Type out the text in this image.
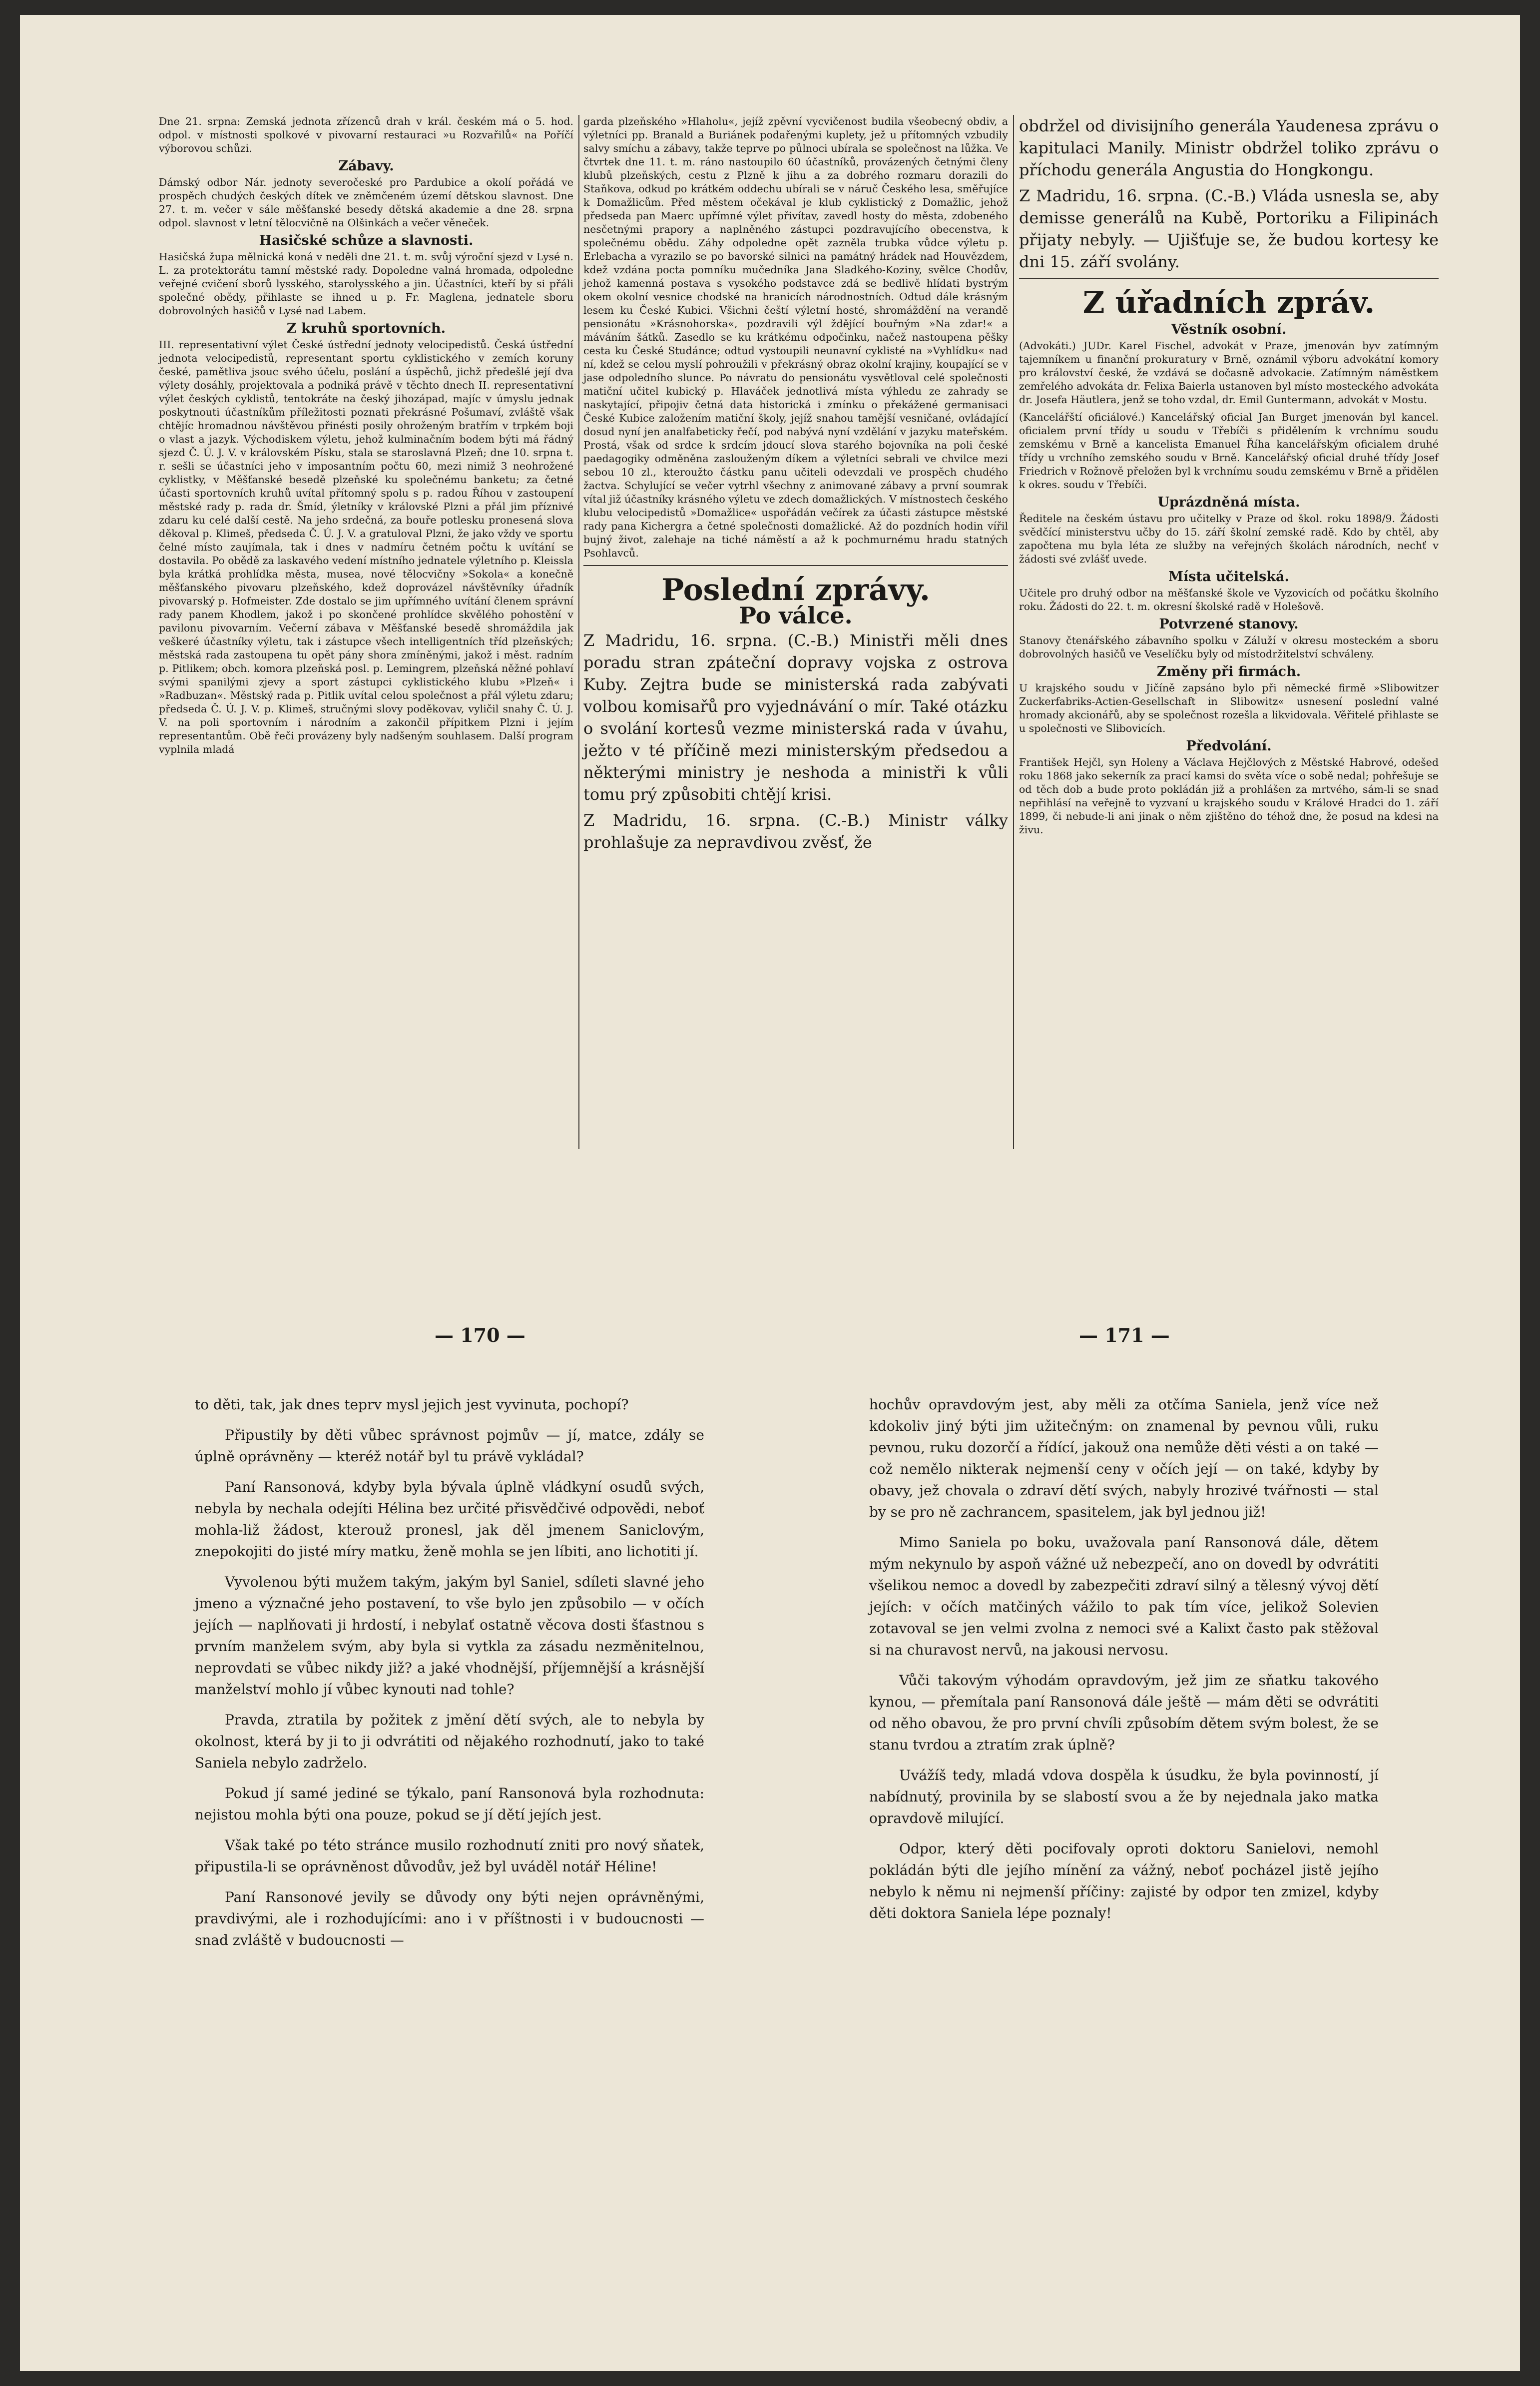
Dne 21. srpna: Zemská jednota zřízenců drah v král. českém má o 5. hod. odpol. v místnosti spolkové v pivovarní restauraci »u Rozvařilů« na Poříčí výborovou schůzi.

Zábavy.

Dámský odbor Nár. jednoty severočeské pro Pardubice a okolí pořádá ve prospěch chudých českých dítek ve zněmčeném území dětskou slavnost. Dne 27. t. m. večer v sále měšťanské besedy dětská akademie a dne 28. srpna odpol. slavnost v letní tělocvičně na Olšinkách a večer věneček.

Hasičské schůze a slavnosti.

Hasičská župa mělnická koná v neděli dne 21. t. m. svůj výroční sjezd v Lysé n. L. za protektorátu tamní městské rady. Dopoledne valná hromada, odpoledne veřejné cvičení sborů lysského, starolysského a jin. Účastníci, kteří by si přáli společné obědy, přihlaste se ihned u p. Fr. Maglena, jednatele sboru dobrovolných hasičů v Lysé nad Labem.

Z kruhů sportovních.

III. representativní výlet České ústřední jednoty velocipedistů. Česká ústřední jednota velocipedistů, representant sportu cyklistického v zemích koruny české, pamětliva jsouc svého účelu, poslání a úspěchů, jichž předešlé její dva výlety dosáhly, projektovala a podniká právě v těchto dnech II. representativní výlet českých cyklistů, tentokráte na český jihozápad, majíc v úmyslu jednak poskytnouti účastníkům příležitosti poznati překrásné Pošumaví, zvláště však chtějíc hromadnou návštěvou přinésti posily ohroženým bratřím v trpkém boji o vlast a jazyk. Východiskem výletu, jehož kulminačním bodem býti má řádný sjezd Č. Ú. J. V. v královském Písku, stala se staroslavná Plzeň; dne 10. srpna t. r. sešli se účastníci jeho v imposantním počtu 60, mezi nimiž 3 neohrožené cyklistky, v Měšťanské besedě plzeňské ku společnému banketu; za četné účasti sportovních kruhů uvítal přítomný spolu s p. radou Říhou v zastoupení městské rady p. rada dr. Šmíd, ýletníky v královské Plzni a přál jim příznivé zdaru ku celé další cestě. Na jeho srdečná, za bouře potlesku pronesená slova děkoval p. Klimeš, předseda Č. Ú. J. V. a gratuloval Plzni, že jako vždy ve sportu čelné místo zaujímala, tak i dnes v nadmíru četném počtu k uvítání se dostavila. Po obědě za laskavého vedení místního jednatele výletního p. Kleissla byla krátká prohlídka města, musea, nové tělocvičny »Sokola« a konečně měšťanského pivovaru plzeňského, kdež doprovázel návštěvníky úřadník pivovarský p. Hofmeister. Zde dostalo se jim upřímného uvítání členem správní rady panem Khodlem, jakož i po skončené prohlídce skvělého pohostění v pavilonu pivovarním. Večerní zábava v Měšťanské besedě shromáždila jak veškeré účastníky výletu, tak i zástupce všech intelligentních tříd plzeňských; městská rada zastoupena tu opět pány shora zmíněnými, jakož i měst. radním p. Pitlikem; obch. komora plzeňská posl. p. Lemingrem, plzeňská něžné pohlaví svými spanilými zjevy a sport zástupci cyklistického klubu »Plzeň« i »Radbuzan«. Městský rada p. Pitlik uvítal celou společnost a přál výletu zdaru; předseda Č. Ú. J. V. p. Klimeš, stručnými slovy poděkovav, vyličil snahy Č. Ú. J. V. na poli sportovním i národním a zakončil přípitkem Plzni i jejím representantům. Obě řeči provázeny byly nadšeným souhlasem. Další program vyplnila mladá

garda plzeňského »Hlaholu«, jejíž zpěvní vycvičenost budila všeobecný obdiv, a výletníci pp. Branald a Buriánek podařenými kuplety, jež u přítomných vzbudily salvy smíchu a zábavy, takže teprve po půlnoci ubírala se společnost na lůžka. Ve čtvrtek dne 11. t. m. ráno nastoupilo 60 účastníků, provázených četnými členy klubů plzeňských, cestu z Plzně k jihu a za dobrého rozmaru dorazili do Staňkova, odkud po krátkém oddechu ubírali se v náruč Českého lesa, směřujíce k Domažlicům. Před městem očekával je klub cyklistický z Domažlic, jehož předseda pan Maerc upřímné výlet přivítav, zavedl hosty do města, zdobeného nesčetnými prapory a naplněného zástupci pozdravujícího obecenstva, k společnému obědu. Záhy odpoledne opět zazněla trubka vůdce výletu p. Erlebacha a vyrazilo se po bavorské silnici na památný hrádek nad Houvězdem, kdež vzdána pocta pomníku mučedníka Jana Sladkého-Koziny, svělce Chodův, jehož kamenná postava s vysokého podstavce zdá se bedlivě hlídati bystrým okem okolní vesnice chodské na hranicích národnostních. Odtud dále krásným lesem ku České Kubici. Všichni čeští výletní hosté, shromáždění na verandě pensionátu »Krásnohorska«, pozdravili výl ždějící bouřným »Na zdar!« a máváním šátků. Zasedlo se ku krátkému odpočinku, načež nastoupena pěšky cesta ku České Studánce; odtud vystoupili neunavní cyklisté na »Vyhlídku« nad ní, kdež se celou myslí pohroužili v překrásný obraz okolní krajiny, koupající se v jase odpoledního slunce. Po návratu do pensionátu vysvětloval celé společnosti matiční učitel kubický p. Hlaváček jednotlivá místa výhledu ze zahrady se naskytající, připojiv četná data historická i zmínku o překážené germanisaci České Kubice založením matiční školy, jejíž snahou tamější vesničané, ovládající dosud nyní jen analfabeticky řečí, pod nabývá nyní vzdělání v jazyku mateřském. Prostá, však od srdce k srdcím jdoucí slova starého bojovníka na poli české paedagogiky odměněna zaslouženým díkem a výletníci sebrali ve chvilce mezi sebou 10 zl., kteroužto částku panu učiteli odevzdali ve prospěch chudého žactva. Schylující se večer vytrhl všechny z animované zábavy a první soumrak vítal již účastníky krásného výletu ve zdech domažlických. V místnostech českého klubu velocipedistů »Domažlice« uspořádán večírek za účasti zástupce městské rady pana Kichergra a četné společnosti domažlické. Až do pozdních hodin vířil bujný život, zalehaje na tiché náměstí a až k pochmurnému hradu statných Psohlavců.

Poslední zprávy.
Po válce.

Z Madridu, 16. srpna. (C.-B.) Ministři měli dnes poradu stran zpáteční dopravy vojska z ostrova Kuby. Zejtra bude se ministerská rada zabývati volbou komisařů pro vyjednávání o mír. Také otázku o svolání kortesů vezme ministerská rada v úvahu, ježto v té příčině mezi ministerským předsedou a některými ministry je neshoda a ministři k vůli tomu prý způsobiti chtějí krisi.

Z Madridu, 16. srpna. (C.-B.) Ministr války prohlašuje za nepravdivou zvěsť, že

obdržel od divisijního generála Yaudenesa zprávu o kapitulaci Manily. Ministr obdržel toliko zprávu o příchodu generála Angustia do Hongkongu.

Z Madridu, 16. srpna. (C.-B.) Vláda usnesla se, aby demisse generálů na Kubě, Portoriku a Filipinách přijaty nebyly. — Ujišťuje se, že budou kortesy ke dni 15. září svolány.

Z úřadních zpráv.
Věstník osobní.

(Advokáti.) JUDr. Karel Fischel, advokát v Praze, jmenován byv zatímným tajemníkem u finanční prokuratury v Brně, oznámil výboru advokátní komory pro království české, že vzdává se dočasně advokacie. Zatímným náměstkem zemřelého advokáta dr. Felixa Baierla ustanoven byl místo mosteckého advokáta dr. Josefa Häutlera, jenž se toho vzdal, dr. Emil Guntermann, advokát v Mostu.

(Kancelářští oficiálové.) Kancelářský oficial Jan Burget jmenován byl kancel. oficialem první třídy u soudu v Třebíči s přidělením k vrchnímu soudu zemskému v Brně a kancelista Emanuel Říha kancelářským oficialem druhé třídy u vrchního zemského soudu v Brně. Kancelářský oficial druhé třídy Josef Friedrich v Rožnově přeložen byl k vrchnímu soudu zemskému v Brně a přidělen k okres. soudu v Třebíči.

Uprázdněná místa.

Ředitele na českém ústavu pro učitelky v Praze od škol. roku 1898/9. Žádosti svědčící ministerstvu učby do 15. září školní zemské radě. Kdo by chtěl, aby započtena mu byla léta ze služby na veřejných školách národních, nechť v žádosti své zvlášť uvede.

Místa učitelská.

Učitele pro druhý odbor na měšťanské škole ve Vyzovicích od počátku školního roku. Žádosti do 22. t. m. okresní školské radě v Holešově.

Potvrzené stanovy.

Stanovy čtenářského zábavního spolku v Záluží v okresu mosteckém a sboru dobrovolných hasičů ve Veselíčku byly od místodržitelství schváleny.

Změny při firmách.

U krajského soudu v Jičíně zapsáno bylo při německé firmě »Slibowitzer Zuckerfabriks-Actien-Gesellschaft in Slibowitz« usnesení poslední valné hromady akcionářů, aby se společnost rozešla a likvidovala. Věřitelé přihlaste se u společnosti ve Slibovicích.

Předvolání.

František Hejčl, syn Holeny a Václava Hejčlových z Městské Habrové, odešed roku 1868 jako sekerník za prací kamsi do světa více o sobě nedal; pohřešuje se od těch dob a bude proto pokládán již a prohlášen za mrtvého, sám-li se snad nepřihlásí na veřejně to vyzvaní u krajského soudu v Králové Hradci do 1. září 1899, či nebude-li ani jinak o něm zjištěno do téhož dne, že posud na kdesi na živu.

— 170 —	— 171 —

to děti, tak, jak dnes teprv mysl jejich jest vyvinuta, pochopí?

Připustily by děti vůbec správnost pojmův — jí, matce, zdály se úplně oprávněny — kteréž notář byl tu právě vykládal?

Paní Ransonová, kdyby byla bývala úplně vládkyní osudů svých, nebyla by nechala odejíti Hélina bez určité přisvědčivé odpovědi, neboť mohla-liž žádost, kterouž pronesl, jak děl jmenem Saniclovým, znepokojiti do jisté míry matku, ženě mohla se jen líbiti, ano lichotiti jí.

Vyvolenou býti mužem takým, jakým byl Saniel, sdíleti slavné jeho jmeno a význačné jeho postavení, to vše bylo jen způsobilo — v očích jejích — naplňovati ji hrdostí, i nebylať ostatně věcova dosti šťastnou s prvním manželem svým, aby byla si vytkla za zásadu nezměnitelnou, neprovdati se vůbec nikdy již? a jaké vhodnější, příjemnější a krásnější manželství mohlo jí vůbec kynouti nad tohle?

Pravda, ztratila by požitek z jmění dětí svých, ale to nebyla by okolnost, která by ji to ji odvrátiti od nějakého rozhodnutí, jako to také Saniela nebylo zadrželo.

Pokud jí samé jediné se týkalo, paní Ransonová byla rozhodnuta: nejistou mohla býti ona pouze, pokud se jí dětí jejích jest.

Však také po této stránce musilo rozhodnutí zniti pro nový sňatek, připustila-li se oprávněnost důvodův, jež byl uváděl notář Héline!

Paní Ransonové jevily se důvody ony býti nejen oprávněnými, pravdivými, ale i rozhodujícími: ano i v příštnosti i v budoucnosti — snad zvláště v budoucnosti —

hochův opravdovým jest, aby měli za otčíma Saniela, jenž více než kdokoliv jiný býti jim užitečným: on znamenal by pevnou vůli, ruku pevnou, ruku dozorčí a řídící, jakouž ona nemůže děti vésti a on také — což nemělo nikterak nejmenší ceny v očích její — on také, kdyby by obavy, jež chovala o zdraví dětí svých, nabyly hrozivé tvářnosti — stal by se pro ně zachrancem, spasitelem, jak byl jednou již!

Mimo Saniela po boku, uvažovala paní Ransonová dále, dětem mým nekynulo by aspoň vážné už nebezpečí, ano on dovedl by odvrátiti všelikou nemoc a dovedl by zabezpečiti zdraví silný a tělesný vývoj dětí jejích: v očích matčiných vážilo to pak tím více, jelikož Solevien zotavoval se jen velmi zvolna z nemoci své a Kalixt často pak stěžoval si na churavost nervů, na jakousi nervosu.

Vůči takovým výhodám opravdovým, jež jim ze sňatku takového kynou, — přemítala paní Ransonová dále ještě — mám děti se odvrátiti od něho obavou, že pro první chvíli způsobím dětem svým bolest, že se stanu tvrdou a ztratím zrak úplně?

Uvážíš tedy, mladá vdova dospěla k úsudku, že byla povinností, jí nabídnutý, provinila by se slabostí svou a že by nejednala jako matka opravdově milující.

Odpor, který děti pocifovaly oproti doktoru Sanielovi, nemohl pokládán býti dle jejího mínění za vážný, neboť pocházel jistě jejího nebylo k němu ni nejmenší příčiny: zajisté by odpor ten zmizel, kdyby děti doktora Saniela lépe poznaly!
